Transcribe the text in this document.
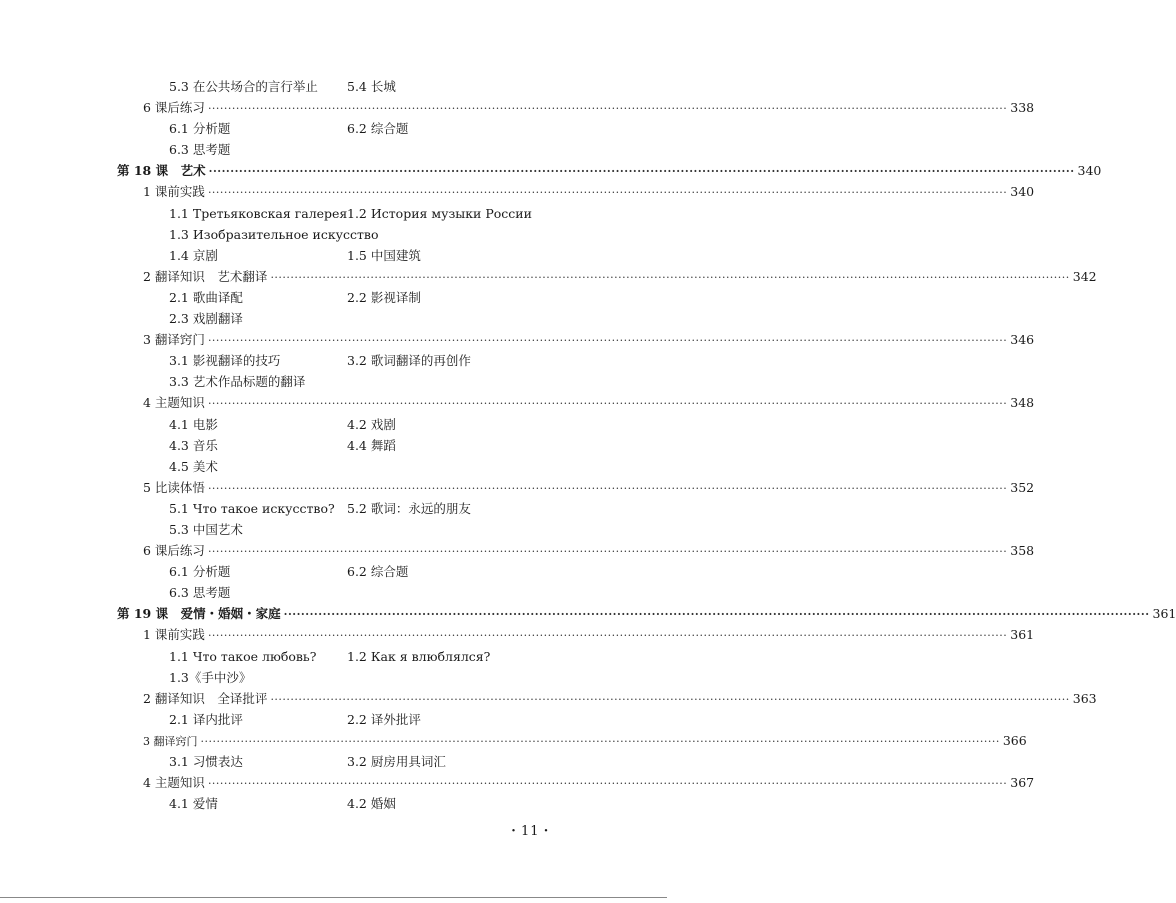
5.3 在公共场合的言行举止 5.4 长城
6 课后练习 ········································································································································································································ 338
6.1 分析题	6.2 综合题
6.3 思考题
第 18 课　艺术 ········································································································································································································ 340
1 课前实践 ········································································································································································································ 340
1.1 Третьяковская галерея 1.2 История музыки России
1.3 Изобразительное искусство
1.4 京剧	1.5 中国建筑
2 翻译知识　艺术翻译 ········································································································································································································ 342
2.1 歌曲译配	2.2 影视译制
2.3 戏剧翻译
3 翻译窍门 ········································································································································································································ 346
3.1 影视翻译的技巧	3.2 歌词翻译的再创作
3.3 艺术作品标题的翻译
4 主题知识 ········································································································································································································ 348
4.1 电影	4.2 戏剧
4.3 音乐	4.4 舞蹈
4.5 美术
5 比读体悟 ········································································································································································································ 352
5.1 Что такое искусство? 5.2 歌词：永远的朋友
5.3 中国艺术
6 课后练习 ········································································································································································································ 358
6.1 分析题	6.2 综合题
6.3 思考题
第 19 课　爱情・婚姻・家庭 ········································································································································································································ 361
1 课前实践 ········································································································································································································ 361
1.1 Что такое любовь? 1.2 Как я влюблялся?
1.3《手中沙》
2 翻译知识　全译批评 ········································································································································································································ 363
2.1 译内批评	2.2 译外批评
3 翻译窍门 ········································································································································································································ 366
3.1 习惯表达	3.2 厨房用具词汇
4 主题知识 ········································································································································································································ 367
4.1 爱情	4.2 婚姻
・11・
